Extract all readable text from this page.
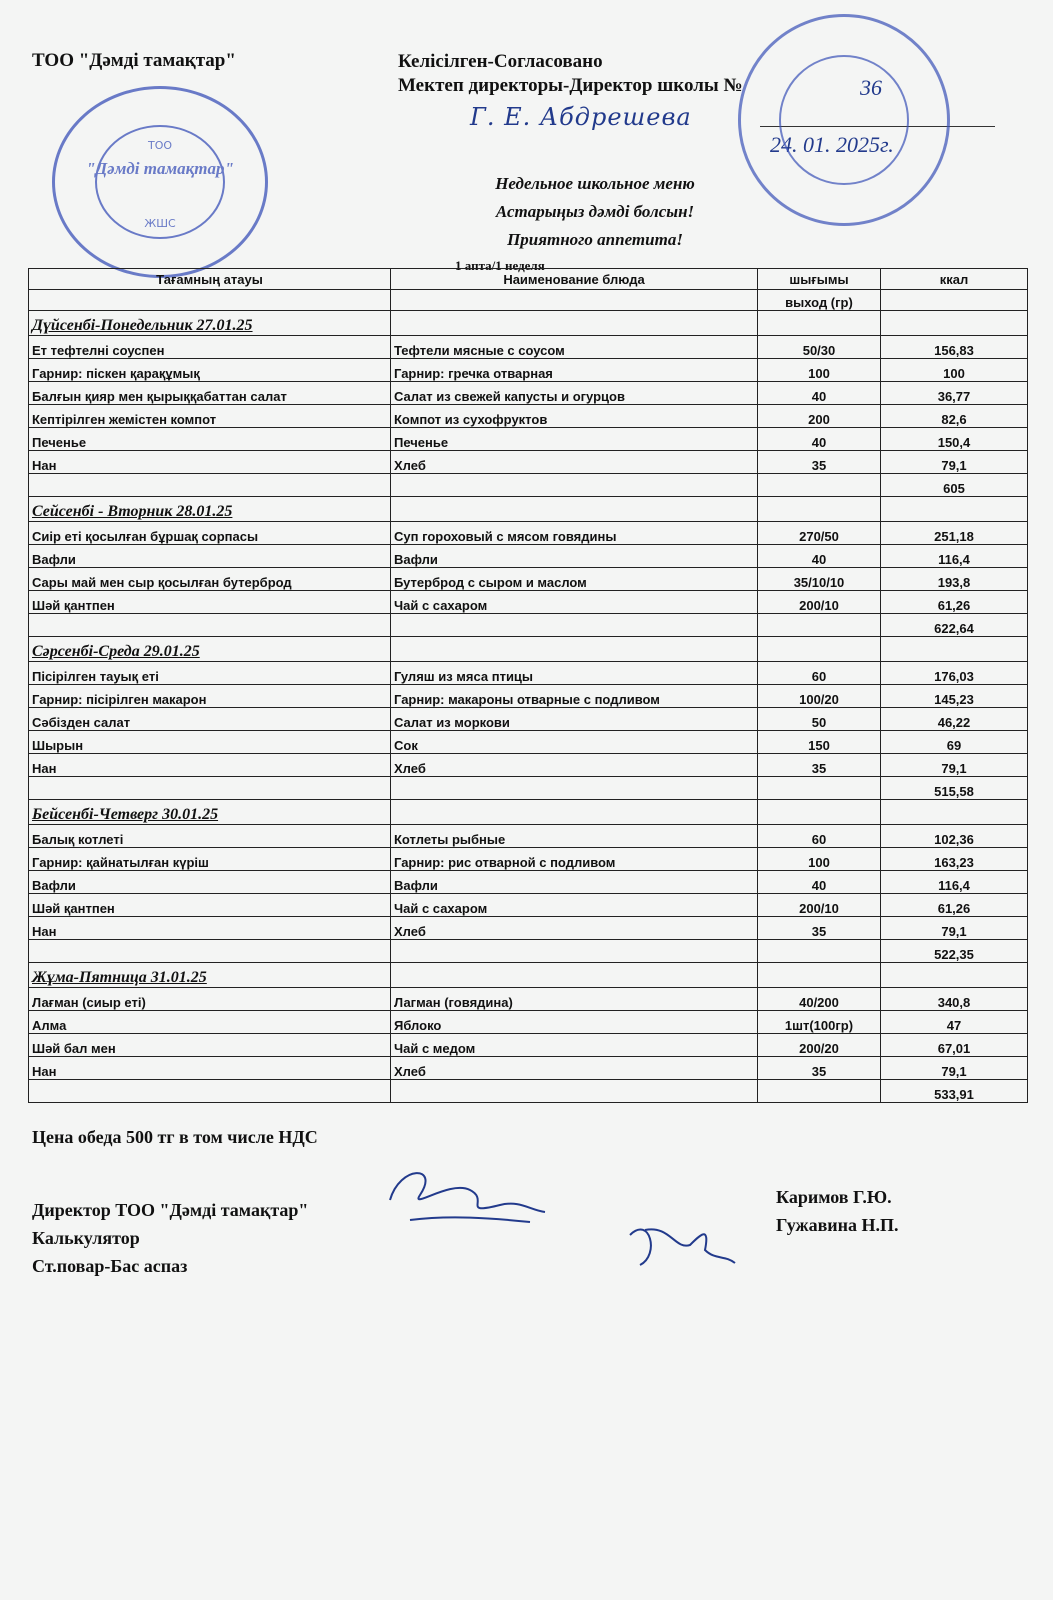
ТОО "Дәмді тамақтар"	Келісілген-Согласовано
Мектеп директоры-Директор школы №	36
Г. Е. Абдрешева
24. 01. 2025г.
ТОО
"Дәмді тамақтар"
ЖШС
Недельное школьное меню
Астарыңыз дәмді болсын!
Приятного аппетита!
1 апта/1 неделя
Тағамның атауы	Наименование блюда	шығымы	ккал
		выход (гр)	
Дүйсенбі-Понедельник 27.01.25			
Ет тефтелні соуспен	Тефтели мясные с соусом	50/30	156,83
Гарнир: піскен қарақұмық	Гарнир: гречка отварная	100	100
Балғын қияр мен қырыққабаттан салат	Салат из свежей капусты и огурцов	40	36,77
Кептірілген жемістен компот	Компот из сухофруктов	200	82,6
Печенье	Печенье	40	150,4
Нан	Хлеб	35	79,1
			605
Сейсенбі - Вторник 28.01.25			
Сиір еті қосылған бұршақ сорпасы	Суп гороховый с мясом говядины	270/50	251,18
Вафли	Вафли	40	116,4
Сары май мен сыр қосылған бутерброд	Бутерброд с сыром и маслом	35/10/10	193,8
Шәй қантпен	Чай с сахаром	200/10	61,26
			622,64
Сәрсенбі-Среда 29.01.25			
Пісірілген тауық еті	Гуляш из мяса птицы	60	176,03
Гарнир: пісірілген макарон	Гарнир: макароны отварные с подливом	100/20	145,23
Сәбізден салат	Салат из моркови	50	46,22
Шырын	Сок	150	69
Нан	Хлеб	35	79,1
			515,58
Бейсенбі-Четверг 30.01.25			
Балық котлеті	Котлеты рыбные	60	102,36
Гарнир: қайнатылған күріш	Гарнир: рис отварной с подливом	100	163,23
Вафли	Вафли	40	116,4
Шәй қантпен	Чай с сахаром	200/10	61,26
Нан	Хлеб	35	79,1
			522,35
Жұма-Пятница 31.01.25			
Лағман (сиыр еті)	Лагман (говядина)	40/200	340,8
Алма	Яблоко	1шт(100гр)	47
Шәй бал мен	Чай с медом	200/20	67,01
Нан	Хлеб	35	79,1
			533,91
Цена обеда 500 тг в том числе НДС
Директор ТОО "Дәмді тамақтар"
Калькулятор
Ст.повар-Бас аспаз
Каримов Г.Ю.
Гужавина Н.П.
